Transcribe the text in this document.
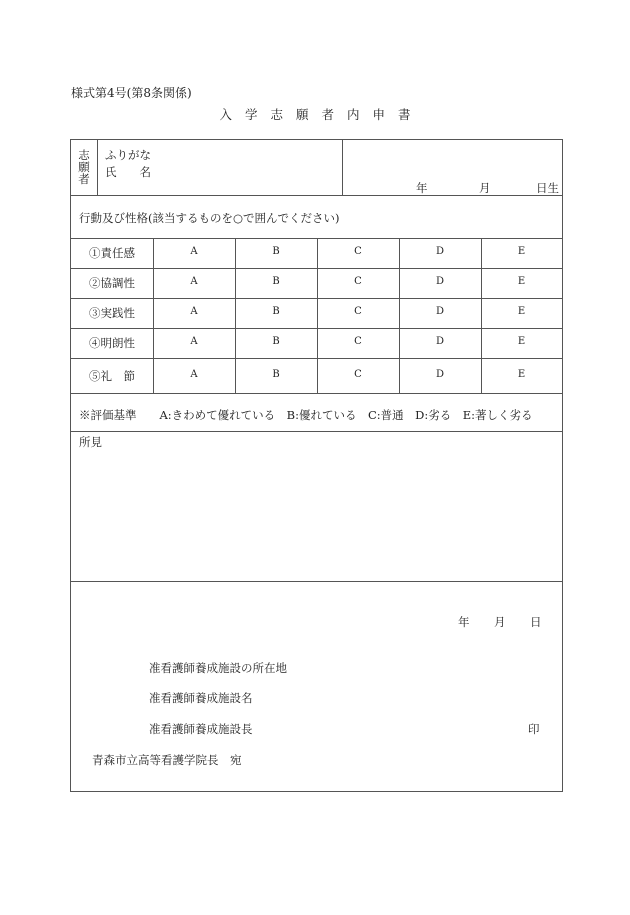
様式第4号(第8条関係)
入 学 志 願 者 内 申 書
志
願
者
ふりがな
氏　　名
年	月	日生
行動及び性格(該当するものを○で囲んでください)
※評価基準　　A:きわめて優れている　B:優れている　C:普通　D:劣る　E:著しく劣る
所見
年 月 日
准看護師養成施設の所在地
准看護師養成施設名
准看護師養成施設長	印
青森市立高等看護学院長　宛
①責任感	A	B	C	D	E
②協調性	A	B	C	D	E
③実践性	A	B	C	D	E
④明朗性	A	B	C	D	E
⑤礼　節	A	B	C	D	E
